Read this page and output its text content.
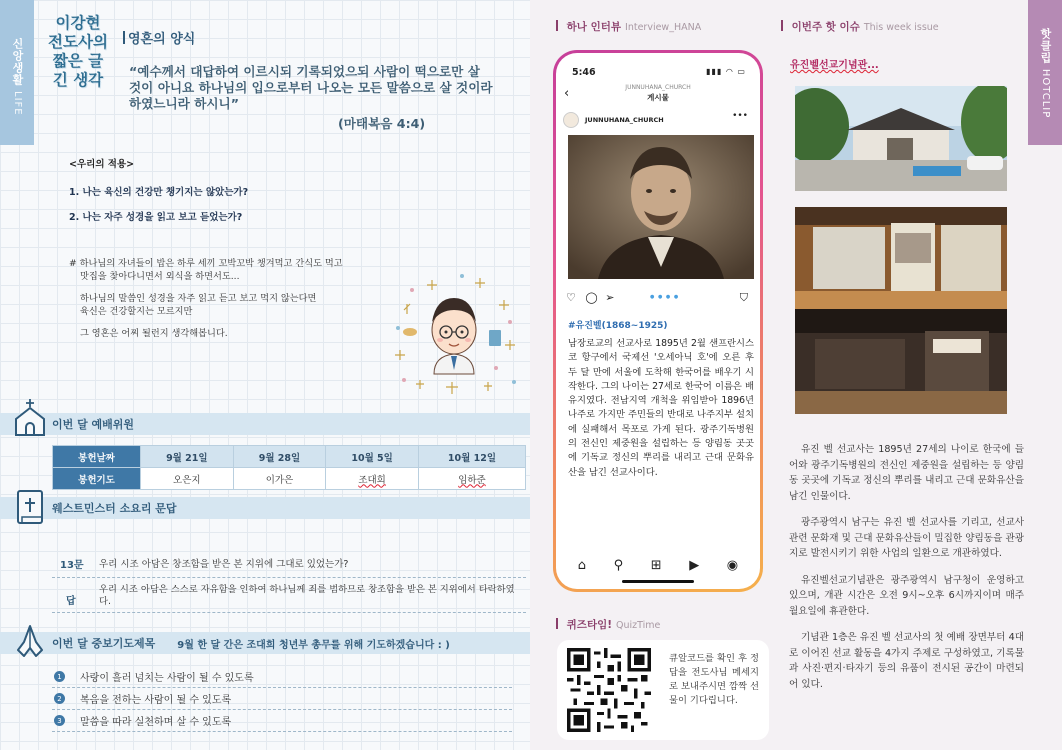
신앙생활 LIFE
이강현
전도사의
짧은 글
긴 생각
영혼의 양식
“예수께서 대답하여 이르시되 기록되었으되 사람이 떡으로만 살 것이 아니요 하나님의 입으로부터 나오는 모든 말씀으로 살 것이라 하였느니라 하시니”
(마태복음 4:4)
<우리의 적용>
1. 나는 육신의 건강만 챙기지는 않았는가?
2. 나는 자주 성경을 읽고 보고 듣었는가?

# 하나님의 자녀들이 밥은 하루 세끼 꼬박꼬박 챙겨먹고 간식도 먹고
맛집을 찾아다니면서 외식을 하면서도...

하나님의 말씀인 성경을 자주 읽고 듣고 보고 먹지 않는다면
육신은 건강할지는 모르지만

그 영혼은 어찌 될런지 생각해봅니다.

이번 달 예배위원
봉헌날짜	9월 21일	9월 28일	10월 5일	10월 12일
봉헌기도	오은지	이가은	조대희	임하준
웨스트민스터 소요리 문답
13문 우리 시조 아담은 창조함을 받은 본 지위에 그대로 있었는가?
답
우리 시조 아담은 스스로 자유함을 인하여 하나님께 죄를 범하므로 창조함을 받은 본 지위에서 타락하였다.
이번 달 중보기도제목 9월 한 달 간은 조대희 청년부 총무를 위해 기도하겠습니다 : )
1	사랑이 흘러 넘치는 사람이 될 수 있도록
2	복음을 전하는 사람이 될 수 있도록
3	말씀을 따라 실천하며 살 수 있도록
하나 인터뷰 Interview_HANA
5:46	▮▮▮ ◠ ▭
‹	JUNNUHANA_CHURCH
게시물
JUNNUHANA_CHURCH	•••
♡ ◯ ➢	● ● ● ●	⛉
#유진벨(1868~1925)
남장로교의 선교사로 1895년 2월 샌프란시스코 항구에서 국제선 '오세아닉 호'에 오른 후 두 달 만에 서울에 도착해 한국어를 배우기 시작한다. 그의 나이는 27세로 한국어 이름은 배유지였다. 전남지역 개척을 위임받아 1896년 나주로 가지만 주민들의 반대로 나주지부 설치에 실패해서 목포로 가게 된다. 광주기독병원의 전신인 제중원을 설립하는 등 양림동 곳곳에 기독교 정신의 뿌리를 내리고 근대 문화유산을 남긴 선교사이다.
⌂ ⚲ ⊞ ▶ ◉
퀴즈타임! QuizTime
큐알코드를 확인 후 정답을 전도사님 메세지로 보내주시면 깜짝 선물이 기다립니다.
이번주 핫 이슈 This week issue
유진벨선교기념관...

유진 벨 선교사는 1895년 27세의 나이로 한국에 들어와 광주기독병원의 전신인 제중원을 설립하는 등 양림동 곳곳에 기독교 정신의 뿌리를 내리고 근대 문화유산을 남긴 인물이다.

광주광역시 남구는 유진 벨 선교사를 기리고, 선교사 관련 문화재 및 근대 문화유산들이 밀집한 양림동을 관광지로 발전시키기 위한 사업의 일환으로 개관하였다.

유진벨선교기념관은 광주광역시 남구청이 운영하고 있으며, 개관 시간은 오전 9시~오후 6시까지이며 매주 월요일에 휴관한다.

기념관 1층은 유진 벨 선교사의 첫 예배 장면부터 4대로 이어진 선교 활동을 4가지 주제로 구성하였고, 기록물과 사진·편지·타자기 등의 유품이 전시된 공간이 마련되어 있다.

핫클립 HOTCLIP
